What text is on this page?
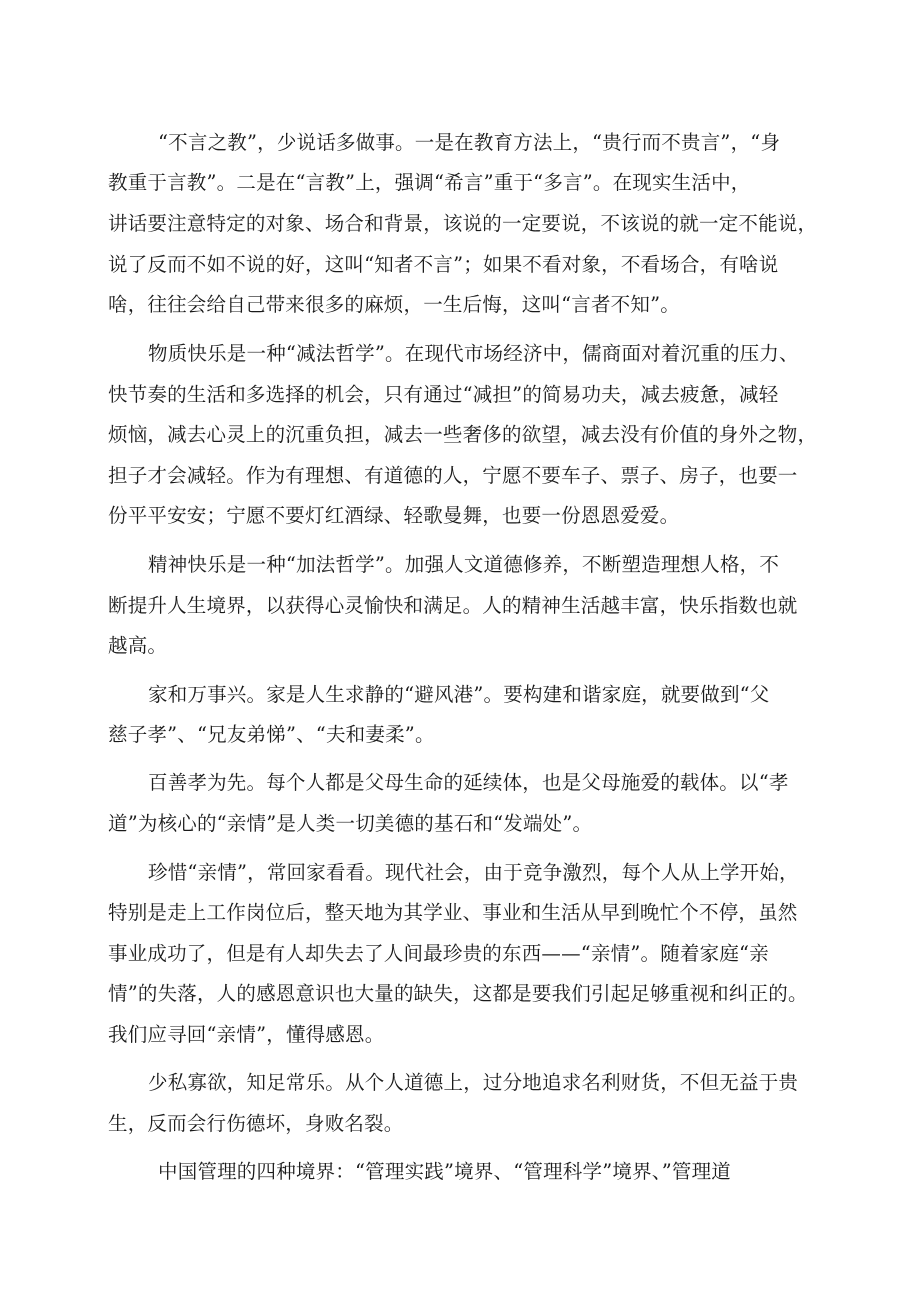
“不言之教”，少说话多做事。一是在教育方法上，“贵行而不贵言”，“身
教重于言教”。二是在“言教”上，强调“希言”重于“多言”。在现实生活中，
讲话要注意特定的对象、场合和背景，该说的一定要说，不该说的就一定不能说，
说了反而不如不说的好，这叫“知者不言”；如果不看对象，不看场合，有啥说
啥，往往会给自己带来很多的麻烦，一生后悔，这叫“言者不知”。
物质快乐是一种“减法哲学”。在现代市场经济中，儒商面对着沉重的压力、
快节奏的生活和多选择的机会，只有通过“减担”的简易功夫，减去疲惫，减轻
烦恼，减去心灵上的沉重负担，减去一些奢侈的欲望，减去没有价值的身外之物，
担子才会减轻。作为有理想、有道德的人，宁愿不要车子、票子、房子，也要一
份平平安安；宁愿不要灯红酒绿、轻歌曼舞，也要一份恩恩爱爱。
精神快乐是一种“加法哲学”。加强人文道德修养，不断塑造理想人格，不
断提升人生境界，以获得心灵愉快和满足。人的精神生活越丰富，快乐指数也就
越高。
家和万事兴。家是人生求静的“避风港”。要构建和谐家庭，就要做到“父
慈子孝”、“兄友弟悌”、“夫和妻柔”。
百善孝为先。每个人都是父母生命的延续体，也是父母施爱的载体。以“孝
道”为核心的“亲情”是人类一切美德的基石和“发端处”。
珍惜“亲情”，常回家看看。现代社会，由于竞争激烈，每个人从上学开始，
特别是走上工作岗位后，整天地为其学业、事业和生活从早到晚忙个不停，虽然
事业成功了，但是有人却失去了人间最珍贵的东西——“亲情”。随着家庭“亲
情”的失落，人的感恩意识也大量的缺失，这都是要我们引起足够重视和纠正的。
我们应寻回“亲情”，懂得感恩。
少私寡欲，知足常乐。从个人道德上，过分地追求名利财货，不但无益于贵
生，反而会行伤德坏，身败名裂。
中国管理的四种境界：“管理实践”境界、“管理科学”境界、”管理道
